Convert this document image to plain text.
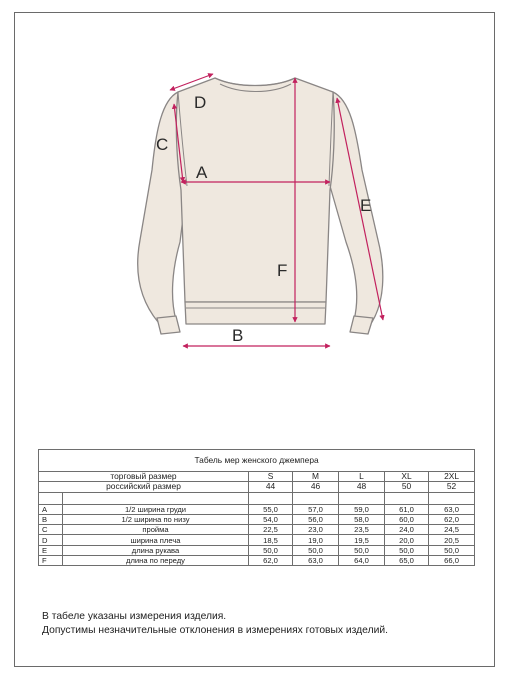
D
C
A
E
F
B
Табель мер женского джемпера						
торговый размер		S	M	L	XL	2XL
российский размер		44	46	48	50	52

A	1/2 ширина груди	55,0	57,0	59,0	61,0	63,0
B	1/2 ширина по низу	54,0	56,0	58,0	60,0	62,0
C	пройма	22,5	23,0	23,5	24,0	24,5
D	ширина плеча	18,5	19,0	19,5	20,0	20,5
E	длина рукава	50,0	50,0	50,0	50,0	50,0
F	длина по переду	62,0	63,0	64,0	65,0	66,0
В табеле указаны измерения изделия.
Допустимы незначительные отклонения в измерениях готовых изделий.
